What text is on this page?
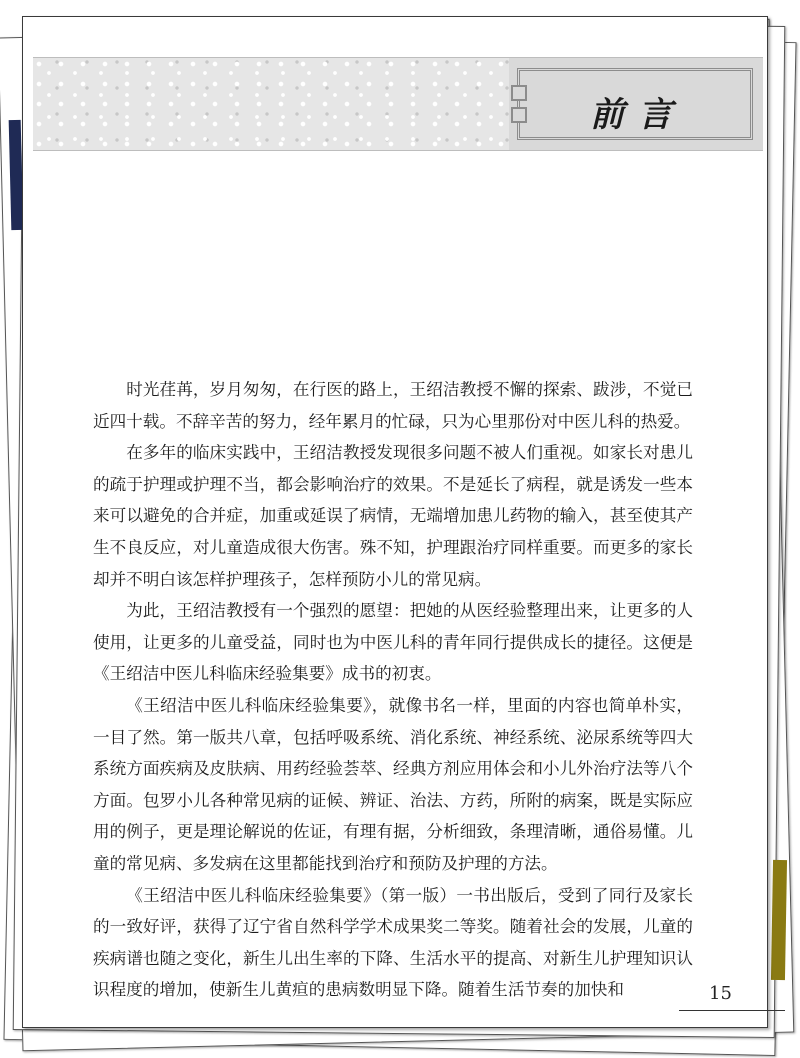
前言

时光荏苒，岁月匆匆，在行医的路上，王绍洁教授不懈的探索、跋涉，不觉已近四十载。不辞辛苦的努力，经年累月的忙碌，只为心里那份对中医儿科的热爱。

在多年的临床实践中，王绍洁教授发现很多问题不被人们重视。如家长对患儿的疏于护理或护理不当，都会影响治疗的效果。不是延长了病程，就是诱发一些本来可以避免的合并症，加重或延误了病情，无端增加患儿药物的输入，甚至使其产生不良反应，对儿童造成很大伤害。殊不知，护理跟治疗同样重要。而更多的家长却并不明白该怎样护理孩子，怎样预防小儿的常见病。

为此，王绍洁教授有一个强烈的愿望：把她的从医经验整理出来，让更多的人使用，让更多的儿童受益，同时也为中医儿科的青年同行提供成长的捷径。这便是《王绍洁中医儿科临床经验集要》成书的初衷。

《王绍洁中医儿科临床经验集要》，就像书名一样，里面的内容也简单朴实，一目了然。第一版共八章，包括呼吸系统、消化系统、神经系统、泌尿系统等四大系统方面疾病及皮肤病、用药经验荟萃、经典方剂应用体会和小儿外治疗法等八个方面。包罗小儿各种常见病的证候、辨证、治法、方药，所附的病案，既是实际应用的例子，更是理论解说的佐证，有理有据，分析细致，条理清晰，通俗易懂。儿童的常见病、多发病在这里都能找到治疗和预防及护理的方法。

《王绍洁中医儿科临床经验集要》（第一版）一书出版后，受到了同行及家长的一致好评，获得了辽宁省自然科学学术成果奖二等奖。随着社会的发展，儿童的疾病谱也随之变化，新生儿出生率的下降、生活水平的提高、对新生儿护理知识认识程度的增加，使新生儿黄疸的患病数明显下降。随着生活节奏的加快和	15
